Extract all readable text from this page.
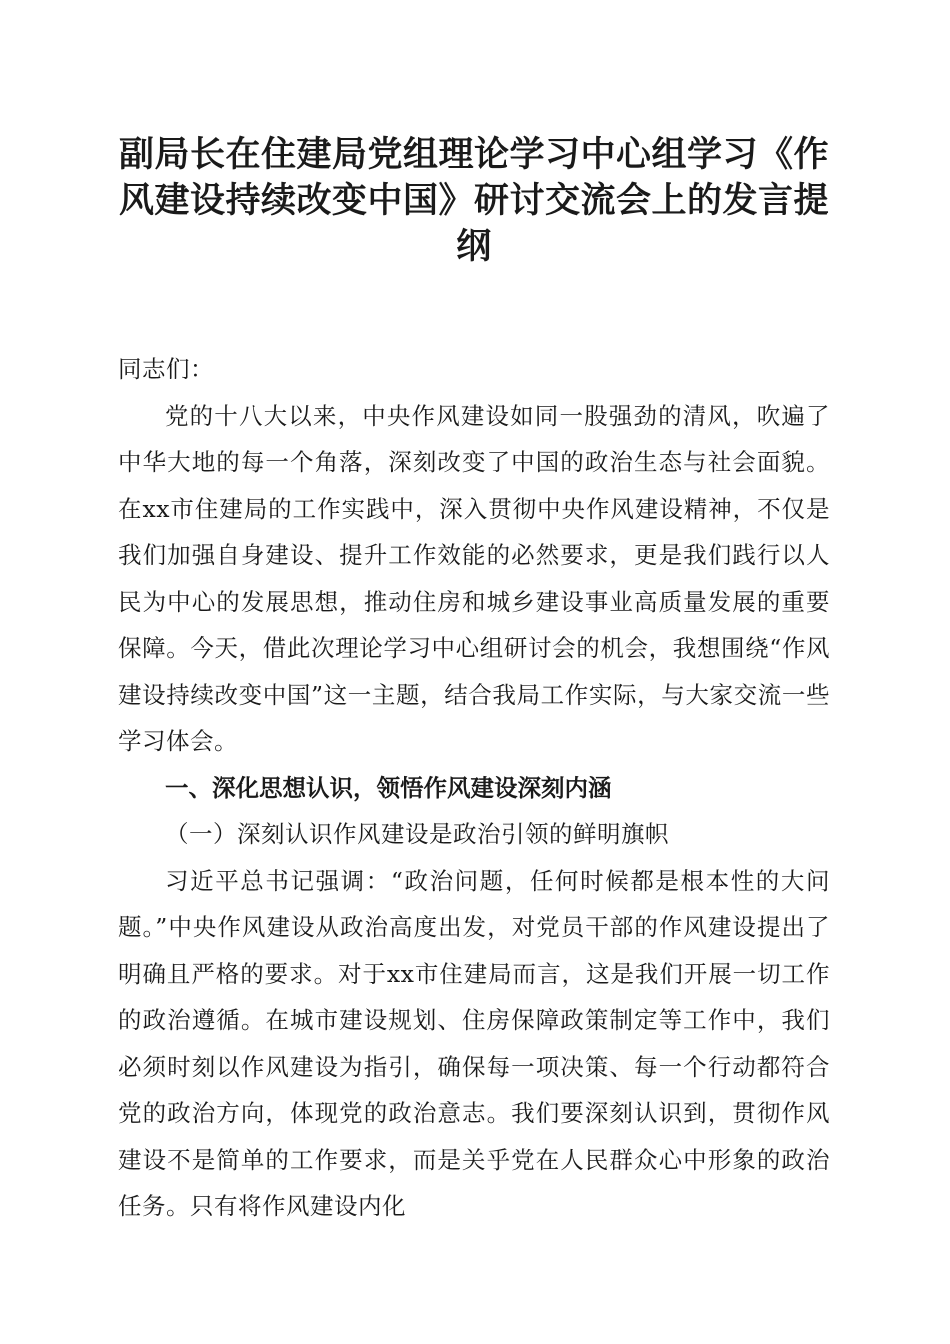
副局长在住建局党组理论学习中心组学习《作风建设持续改变中国》研讨交流会上的发言提纲

同志们：

党的十八大以来，中央作风建设如同一股强劲的清风，吹遍了中华大地的每一个角落，深刻改变了中国的政治生态与社会面貌。在xx市住建局的工作实践中，深入贯彻中央作风建设精神，不仅是我们加强自身建设、提升工作效能的必然要求，更是我们践行以人民为中心的发展思想，推动住房和城乡建设事业高质量发展的重要保障。今天，借此次理论学习中心组研讨会的机会，我想围绕“作风建设持续改变中国”这一主题，结合我局工作实际，与大家交流一些学习体会。

一、深化思想认识，领悟作风建设深刻内涵

（一）深刻认识作风建设是政治引领的鲜明旗帜

习近平总书记强调：“政治问题，任何时候都是根本性的大问题。”中央作风建设从政治高度出发，对党员干部的作风建设提出了明确且严格的要求。对于xx市住建局而言，这是我们开展一切工作的政治遵循。在城市建设规划、住房保障政策制定等工作中，我们必须时刻以作风建设为指引，确保每一项决策、每一个行动都符合党的政治方向，体现党的政治意志。我们要深刻认识到，贯彻作风建设不是简单的工作要求，而是关乎党在人民群众心中形象的政治任务。只有将作风建设内化
